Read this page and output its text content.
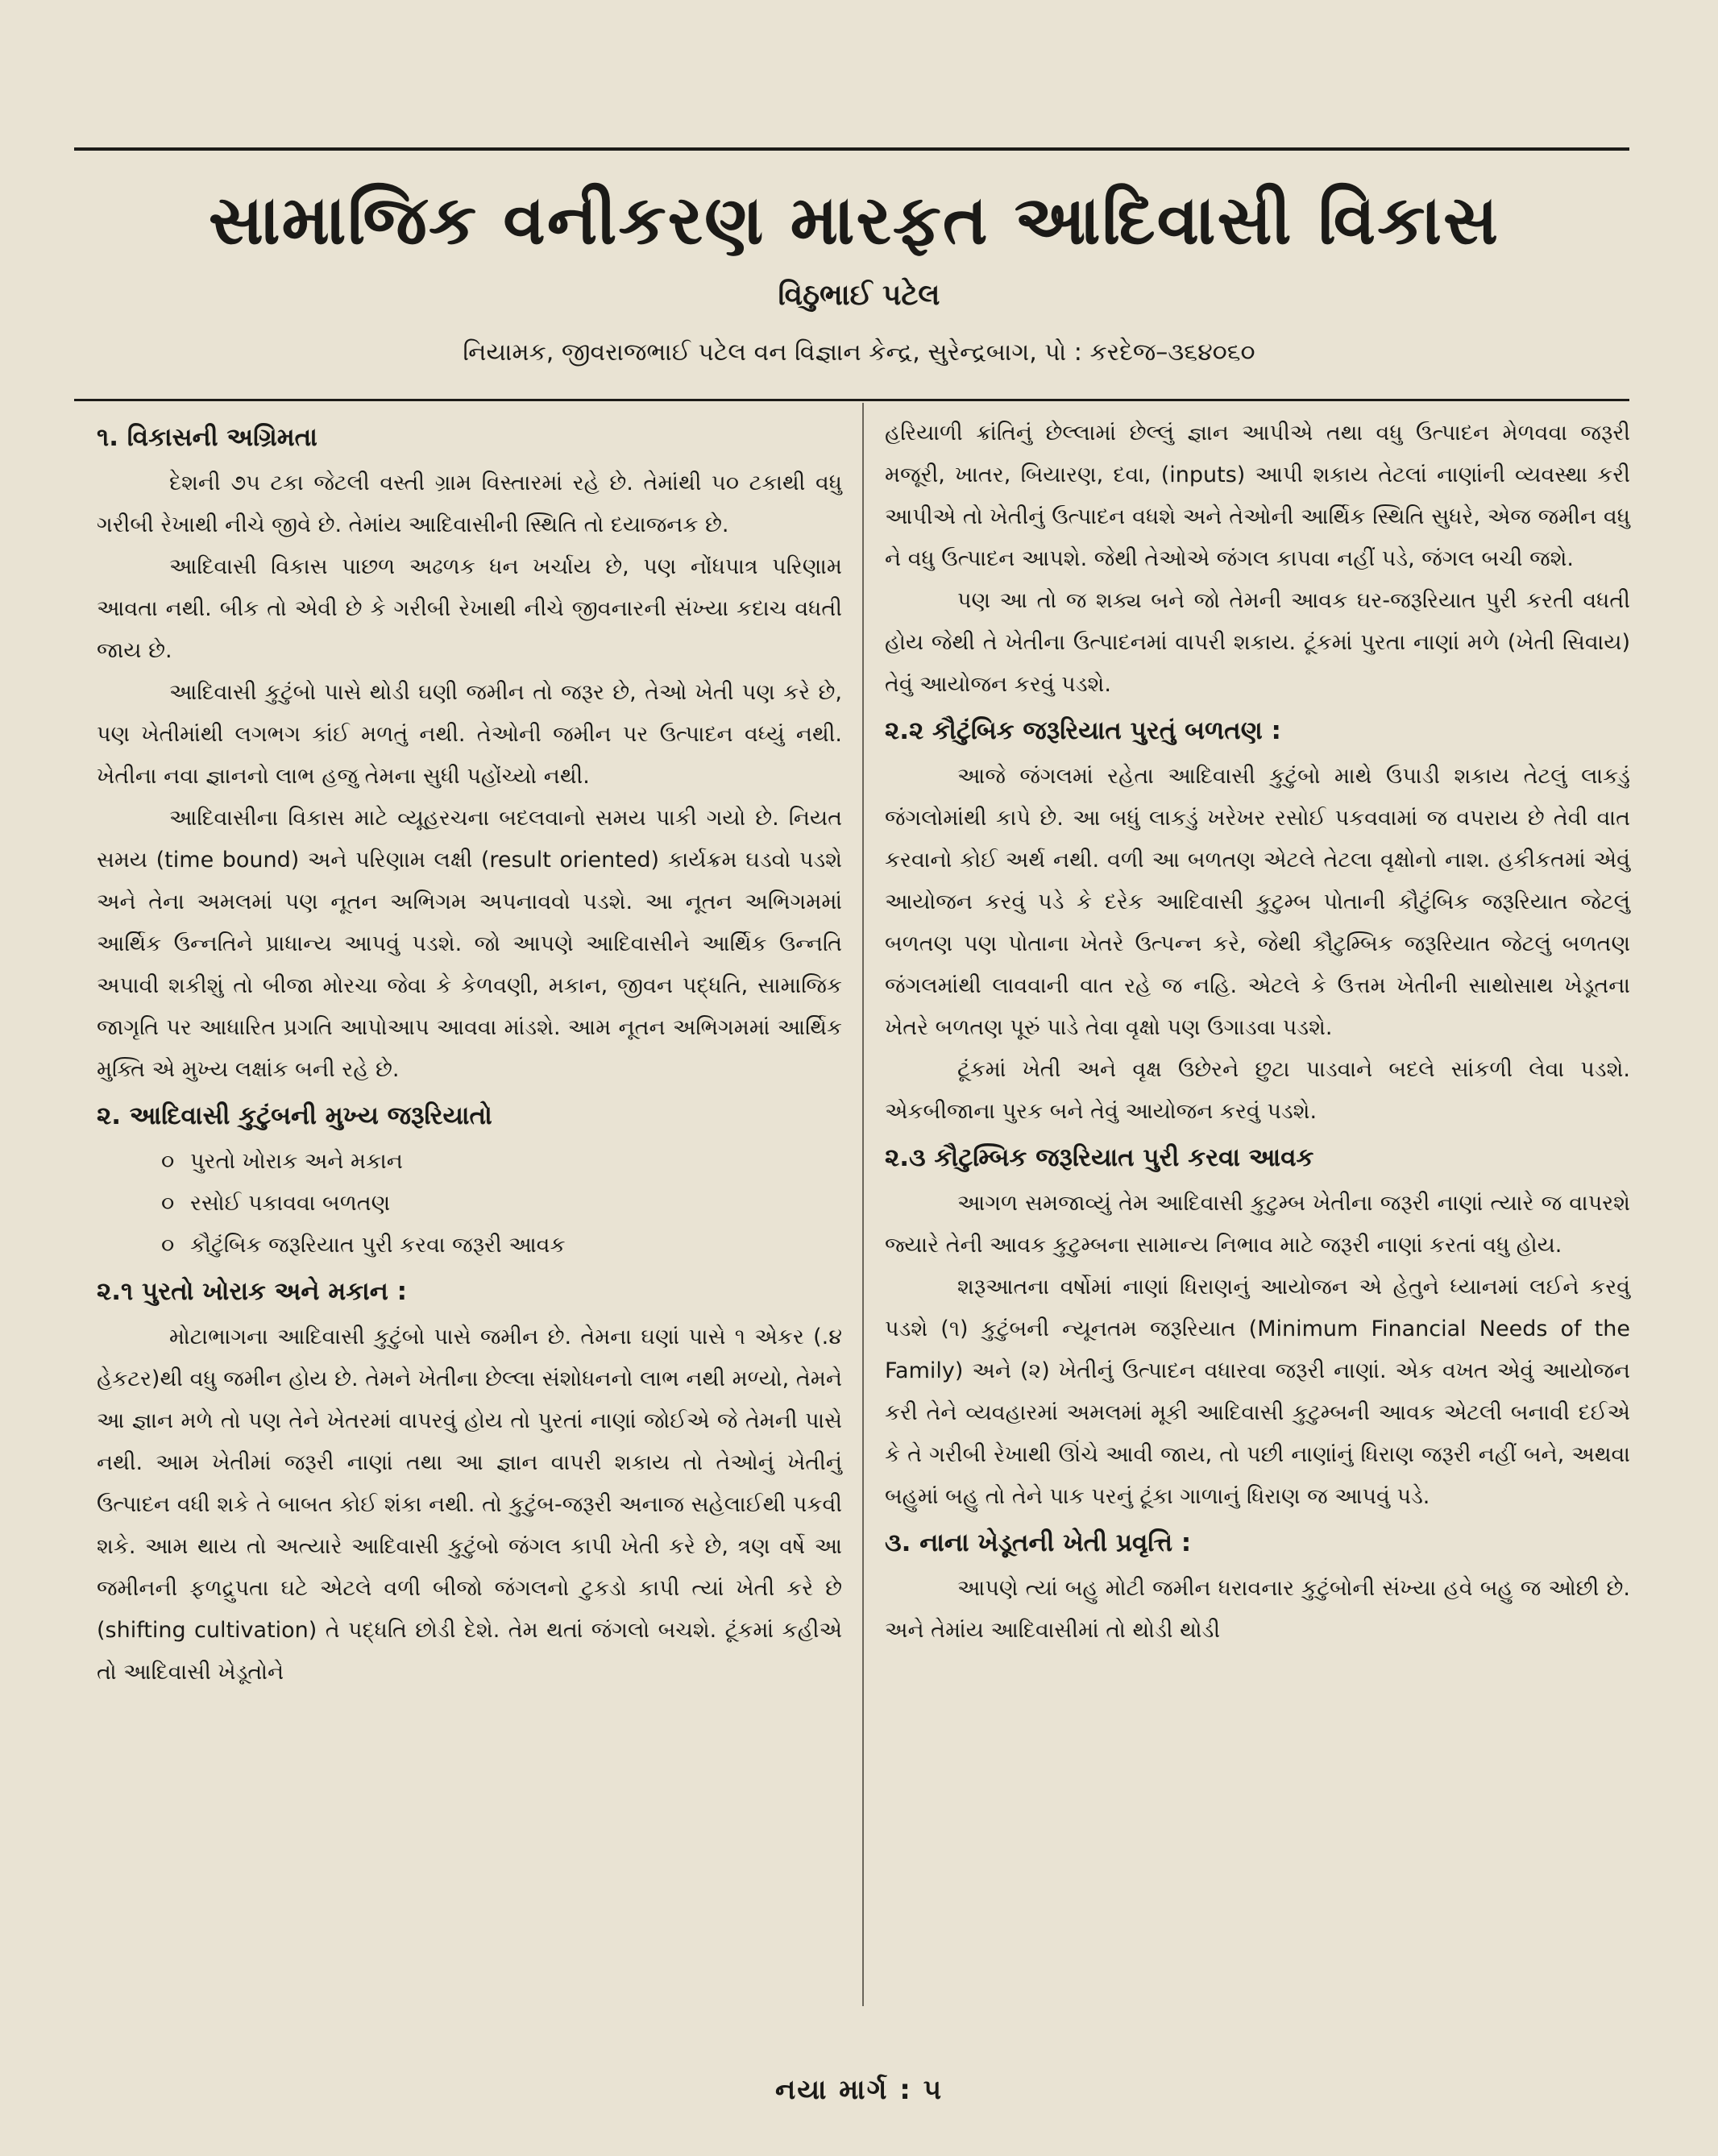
સામાજિક વનીકરણ મારફત આદિવાસી વિકાસ
વિઠુભાઈ પટેલ
નિયામક, જીવરાજભાઈ પટેલ વન વિજ્ઞાન કેન્દ્ર, સુરેન્દ્રબાગ, પો : કરદેજ–૩૬૪૦૬૦
૧. વિકાસની અગ્રિમતા

દેશની ૭૫ ટકા જેટલી વસ્તી ગ્રામ વિસ્તારમાં રહે છે. તેમાંથી ૫૦ ટકાથી વધુ ગરીબી રેખાથી નીચે જીવે છે. તેમાંય આદિવાસીની સ્થિતિ તો દયાજનક છે.

આદિવાસી વિકાસ પાછળ અઢળક ધન ખર્ચાય છે, પણ નોંધપાત્ર પરિણામ આવતા નથી. બીક તો એવી છે કે ગરીબી રેખાથી નીચે જીવનારની સંખ્યા કદાચ વધતી જાય છે.

આદિવાસી કુટુંબો પાસે થોડી ઘણી જમીન તો જરૂર છે, તેઓ ખેતી પણ કરે છે, પણ ખેતીમાંથી લગભગ કાંઈ મળતું નથી. તેઓની જમીન પર ઉત્પાદન વધ્યું નથી. ખેતીના નવા જ્ઞાનનો લાભ હજુ તેમના સુધી પહોંચ્યો નથી.

આદિવાસીના વિકાસ માટે વ્યૂહરચના બદલવાનો સમય પાકી ગયો છે. નિયત સમય (time bound) અને પરિણામ લક્ષી (result oriented) કાર્યક્રમ ઘડવો પડશે અને તેના અમલમાં પણ નૂતન અભિગમ અપનાવવો પડશે. આ નૂતન અભિગમમાં આર્થિક ઉન્નતિને પ્રાધાન્ય આપવું પડશે. જો આપણે આદિવાસીને આર્થિક ઉન્નતિ અપાવી શકીશું તો બીજા મોરચા જેવા કે કેળવણી, મકાન, જીવન પદ્ધતિ, સામાજિક જાગૃતિ પર આધારિત પ્રગતિ આપોઆપ આવવા માંડશે. આમ નૂતન અભિગમમાં આર્થિક મુક્તિ એ મુખ્ય લક્ષાંક બની રહે છે.

૨. આદિવાસી કુટુંબની મુખ્ય જરૂરિયાતો
૦ પુરતો ખોરાક અને મકાન
૦ રસોઈ પકાવવા બળતણ
૦ કૌટુંબિક જરૂરિયાત પુરી કરવા જરૂરી આવક
૨.૧ પુરતો ખોરાક અને મકાન :

મોટાભાગના આદિવાસી કુટુંબો પાસે જમીન છે. તેમના ઘણાં પાસે ૧ એકર (.૪ હેકટર)થી વધુ જમીન હોય છે. તેમને ખેતીના છેલ્લા સંશોધનનો લાભ નથી મળ્યો, તેમને આ જ્ઞાન મળે તો પણ તેને ખેતરમાં વાપરવું હોય તો પુરતાં નાણાં જોઈએ જે તેમની પાસે નથી. આમ ખેતીમાં જરૂરી નાણાં તથા આ જ્ઞાન વાપરી શકાય તો તેઓનું ખેતીનું ઉત્પાદન વધી શકે તે બાબત કોઈ શંકા નથી. તો કુટુંબ-જરૂરી અનાજ સહેલાઈથી પકવી શકે. આમ થાય તો અત્યારે આદિવાસી કુટુંબો જંગલ કાપી ખેતી કરે છે, ત્રણ વર્ષે આ જમીનની ફળદ્રુપતા ઘટે એટલે વળી બીજો જંગલનો ટુકડો કાપી ત્યાં ખેતી કરે છે (shifting cultivation) તે પદ્ધતિ છોડી દેશે. તેમ થતાં જંગલો બચશે. ટૂંકમાં કહીએ તો આદિવાસી ખેડૂતોને

હરિયાળી ક્રાંતિનું છેલ્લામાં છેલ્લું જ્ઞાન આપીએ તથા વધુ ઉત્પાદન મેળવવા જરૂરી મજૂરી, ખાતર, બિયારણ, દવા, (inputs) આપી શકાય તેટલાં નાણાંની વ્યવસ્થા કરી આપીએ તો ખેતીનું ઉત્પાદન વધશે અને તેઓની આર્થિક સ્થિતિ સુધરે, એજ જમીન વધુ ને વધુ ઉત્પાદન આપશે. જેથી તેઓએ જંગલ કાપવા નહીં પડે, જંગલ બચી જશે.

પણ આ તો જ શક્ય બને જો તેમની આવક ઘર-જરૂરિયાત પુરી કરતી વધતી હોય જેથી તે ખેતીના ઉત્પાદનમાં વાપરી શકાય. ટૂંકમાં પુરતા નાણાં મળે (ખેતી સિવાય) તેવું આયોજન કરવું પડશે.

૨.૨ કૌટુંબિક જરૂરિયાત પુરતું બળતણ :

આજે જંગલમાં રહેતા આદિવાસી કુટુંબો માથે ઉપાડી શકાય તેટલું લાકડું જંગલોમાંથી કાપે છે. આ બધું લાકડું ખરેખર રસોઈ પકવવામાં જ વપરાય છે તેવી વાત કરવાનો કોઈ અર્થ નથી. વળી આ બળતણ એટલે તેટલા વૃક્ષોનો નાશ. હકીકતમાં એવું આયોજન કરવું પડે કે દરેક આદિવાસી કુટુમ્બ પોતાની કૌટુંબિક જરૂરિયાત જેટલું બળતણ પણ પોતાના ખેતરે ઉત્પન્ન કરે, જેથી કૌટુમ્બિક જરૂરિયાત જેટલું બળતણ જંગલમાંથી લાવવાની વાત રહે જ નહિ. એટલે કે ઉત્તમ ખેતીની સાથોસાથ ખેડૂતના ખેતરે બળતણ પૂરું પાડે તેવા વૃક્ષો પણ ઉગાડવા પડશે.

ટૂંકમાં ખેતી અને વૃક્ષ ઉછેરને છુટા પાડવાને બદલે સાંકળી લેવા પડશે. એકબીજાના પુરક બને તેવું આયોજન કરવું પડશે.

૨.૩ કૌટુમ્બિક જરૂરિયાત પુરી કરવા આવક

આગળ સમજાવ્યું તેમ આદિવાસી કુટુમ્બ ખેતીના જરૂરી નાણાં ત્યારે જ વાપરશે જ્યારે તેની આવક કુટુમ્બના સામાન્ય નિભાવ માટે જરૂરી નાણાં કરતાં વધુ હોય.

શરૂઆતના વર્ષોમાં નાણાં ધિરાણનું આયોજન એ હેતુને ધ્યાનમાં લઈને કરવું પડશે (૧) કુટુંબની ન્યૂનતમ જરૂરિયાત (Minimum Financial Needs of the Family) અને (૨) ખેતીનું ઉત્પાદન વધારવા જરૂરી નાણાં. એક વખત એવું આયોજન કરી તેને વ્યવહારમાં અમલમાં મૂકી આદિવાસી કુટુમ્બની આવક એટલી બનાવી દઈએ કે તે ગરીબી રેખાથી ઊંચે આવી જાય, તો પછી નાણાંનું ધિરાણ જરૂરી નહીં બને, અથવા બહુમાં બહુ તો તેને પાક પરનું ટૂંકા ગાળાનું ધિરાણ જ આપવું પડે.

૩. નાના ખેડૂતની ખેતી પ્રવૃત્તિ :

આપણે ત્યાં બહુ મોટી જમીન ધરાવનાર કુટુંબોની સંખ્યા હવે બહુ જ ઓછી છે. અને તેમાંય આદિવાસીમાં તો થોડી થોડી

નયા માર્ગ : ૫
